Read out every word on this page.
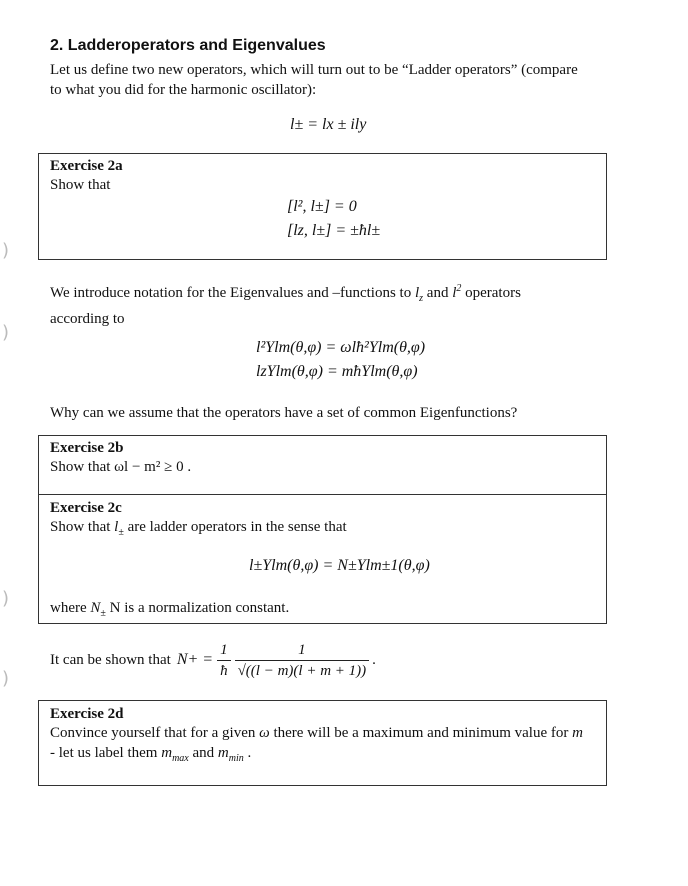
)
)
)
)
2. Ladderoperators and Eigenvalues
Let us define two new operators, which will turn out to be “Ladder operators” (compare
to what you did for the harmonic oscillator):
l± = lx ± ily
Exercise 2a
Show that
[l², l±] = 0
[lz, l±] = ±ħl±
We introduce notation for the Eigenvalues and –functions to $l_z$ and $l^2$ operators
according to
l²Ylm(θ,φ) = ωlħ²Ylm(θ,φ)
lzYlm(θ,φ) = mħYlm(θ,φ)
Why can we assume that the operators have a set of common Eigenfunctions?
Exercise 2b
Show that ωl − m² ≥ 0 .
Exercise 2c
Show that $l_\pm$ are ladder operators in the sense that
l±Ylm(θ,φ) = N±Ylm±1(θ,φ)
where $N_\pm$ N is a normalization constant.
It can be shown that $N+ = \frac{1}{ħ} \frac{1}{√((l - m)(l + m + 1))}$ .
Exercise 2d
Convince yourself that for a given ω there will be a maximum and minimum value for m
- let us label them $m_{max}$ and $m_{min}$ .
